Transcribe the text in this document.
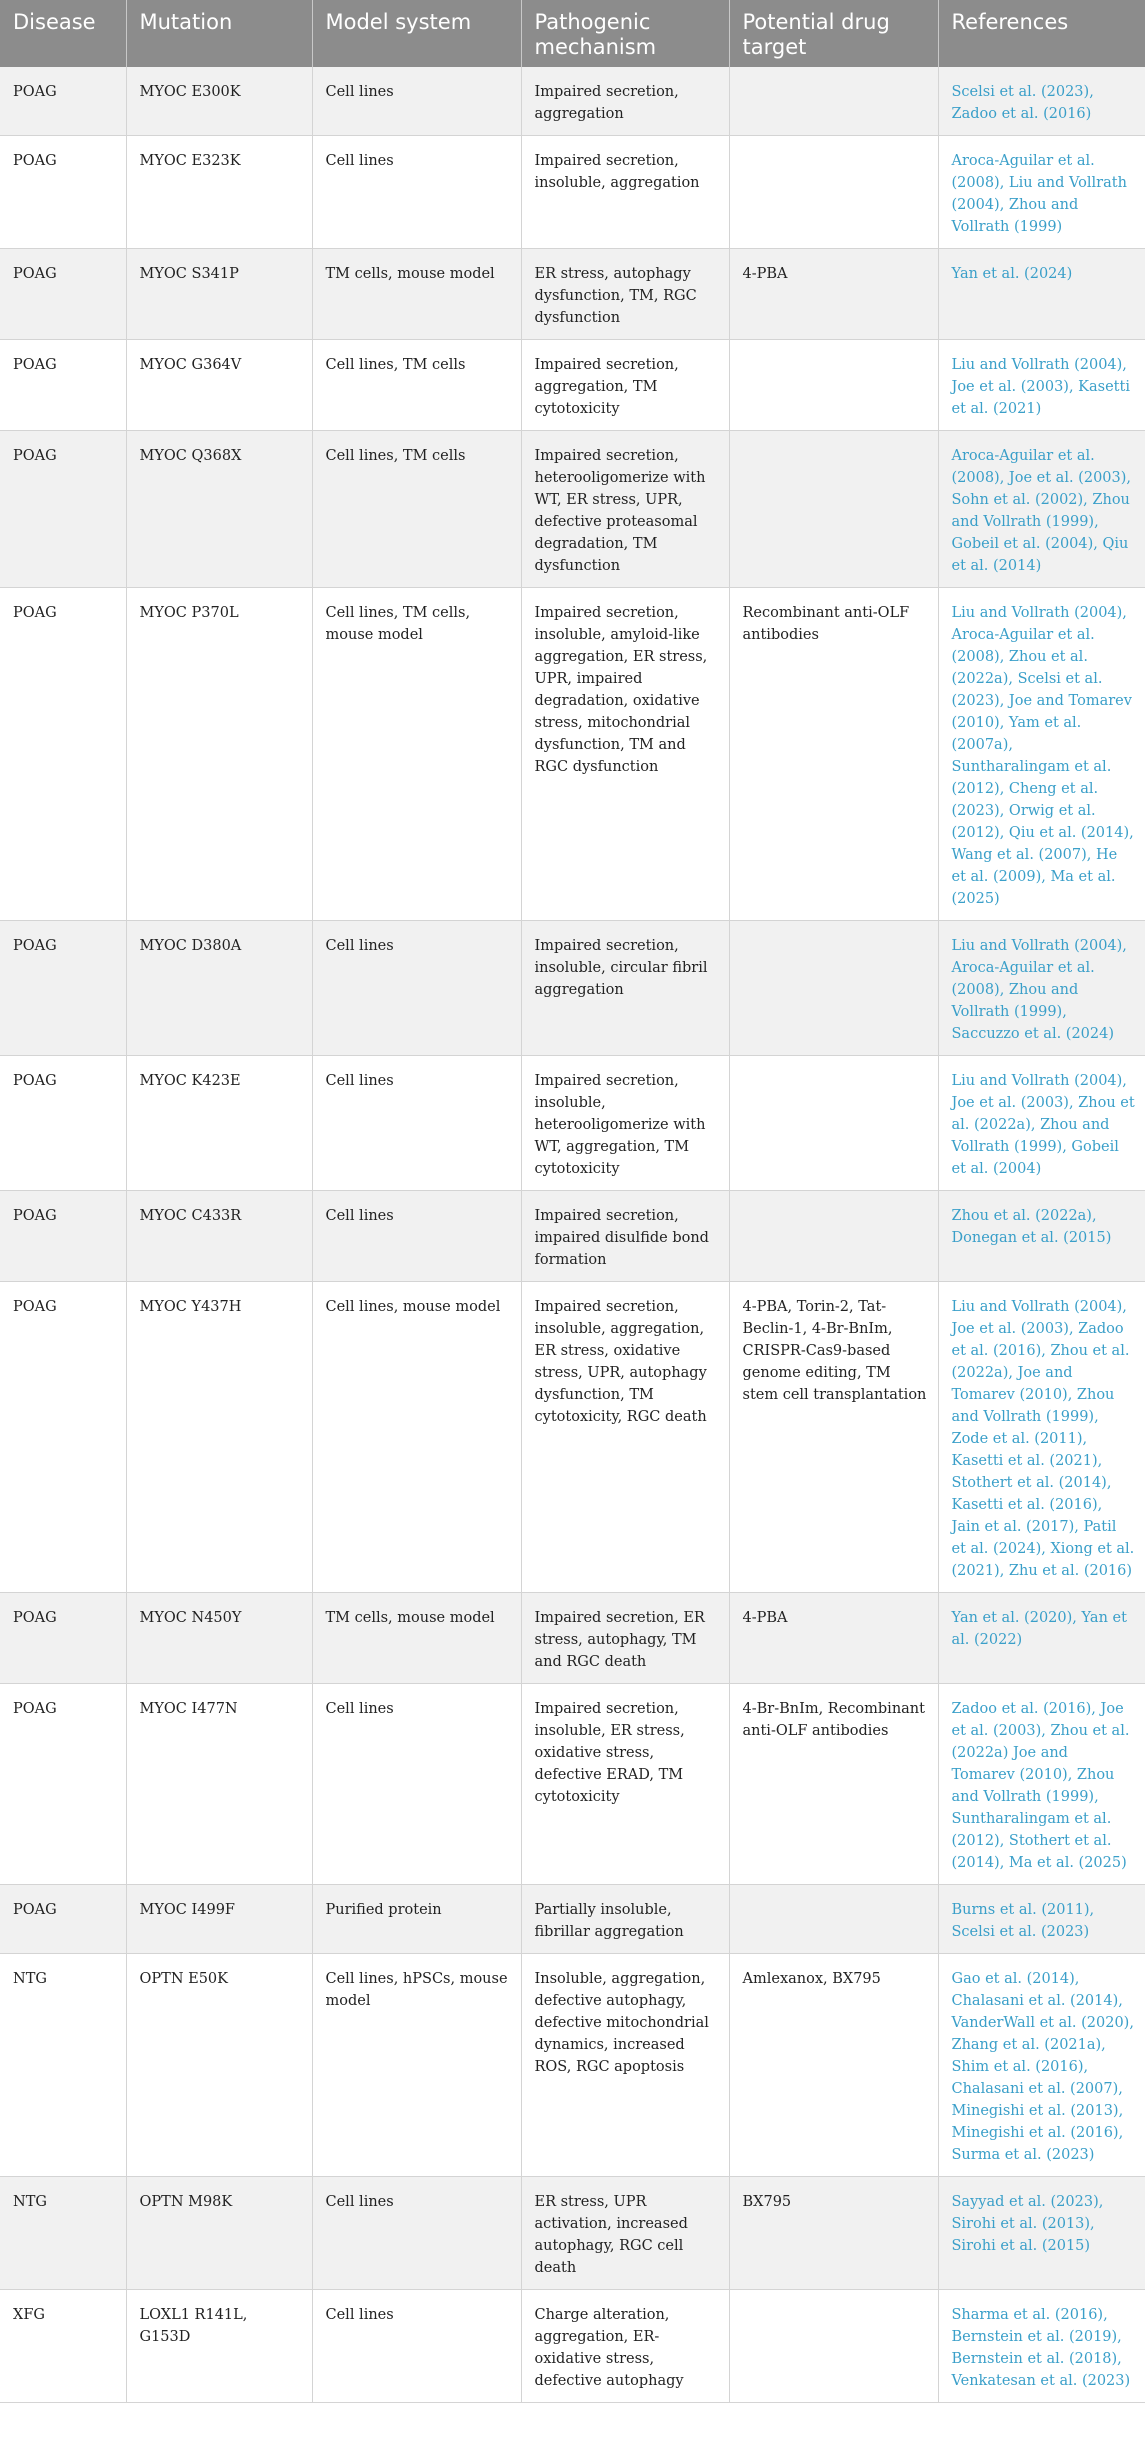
Disease	Mutation	Model system	Pathogenic mechanism	Potential drug target	References
POAG	MYOC E300K	Cell lines	Impaired secretion, aggregation		Scelsi et al. (2023), Zadoo et al. (2016)
POAG	MYOC E323K	Cell lines	Impaired secretion, insoluble, aggregation		Aroca-Aguilar et al. (2008), Liu and Vollrath (2004), Zhou and Vollrath (1999)
POAG	MYOC S341P	TM cells, mouse model	ER stress, autophagy dysfunction, TM, RGC dysfunction	4-PBA	Yan et al. (2024)
POAG	MYOC G364V	Cell lines, TM cells	Impaired secretion, aggregation, TM cytotoxicity		Liu and Vollrath (2004), Joe et al. (2003), Kasetti et al. (2021)
POAG	MYOC Q368X	Cell lines, TM cells	Impaired secretion, heterooligomerize with WT, ER stress, UPR, defective proteasomal degradation, TM dysfunction		Aroca-Aguilar et al. (2008), Joe et al. (2003), Sohn et al. (2002), Zhou and Vollrath (1999), Gobeil et al. (2004), Qiu et al. (2014)
POAG	MYOC P370L	Cell lines, TM cells, mouse model	Impaired secretion, insoluble, amyloid-like aggregation, ER stress, UPR, impaired degradation, oxidative stress, mitochondrial dysfunction, TM and RGC dysfunction	Recombinant anti-OLF antibodies	Liu and Vollrath (2004), Aroca-Aguilar et al. (2008), Zhou et al. (2022a), Scelsi et al. (2023), Joe and Tomarev (2010), Yam et al. (2007a), Suntharalingam et al. (2012), Cheng et al. (2023), Orwig et al. (2012), Qiu et al. (2014), Wang et al. (2007), He et al. (2009), Ma et al. (2025)
POAG	MYOC D380A	Cell lines	Impaired secretion, insoluble, circular fibril aggregation		Liu and Vollrath (2004), Aroca-Aguilar et al. (2008), Zhou and Vollrath (1999), Saccuzzo et al. (2024)
POAG	MYOC K423E	Cell lines	Impaired secretion, insoluble, heterooligomerize with WT, aggregation, TM cytotoxicity		Liu and Vollrath (2004), Joe et al. (2003), Zhou et al. (2022a), Zhou and Vollrath (1999), Gobeil et al. (2004)
POAG	MYOC C433R	Cell lines	Impaired secretion, impaired disulfide bond formation		Zhou et al. (2022a), Donegan et al. (2015)
POAG	MYOC Y437H	Cell lines, mouse model	Impaired secretion, insoluble, aggregation, ER stress, oxidative stress, UPR, autophagy dysfunction, TM cytotoxicity, RGC death	4-PBA, Torin-2, Tat-Beclin-1, 4-Br-BnIm, CRISPR-Cas9-based genome editing, TM stem cell transplantation	Liu and Vollrath (2004), Joe et al. (2003), Zadoo et al. (2016), Zhou et al. (2022a), Joe and Tomarev (2010), Zhou and Vollrath (1999), Zode et al. (2011), Kasetti et al. (2021), Stothert et al. (2014), Kasetti et al. (2016), Jain et al. (2017), Patil et al. (2024), Xiong et al. (2021), Zhu et al. (2016)
POAG	MYOC N450Y	TM cells, mouse model	Impaired secretion, ER stress, autophagy, TM and RGC death	4-PBA	Yan et al. (2020), Yan et al. (2022)
POAG	MYOC I477N	Cell lines	Impaired secretion, insoluble, ER stress, oxidative stress, defective ERAD, TM cytotoxicity	4-Br-BnIm, Recombinant anti-OLF antibodies	Zadoo et al. (2016), Joe et al. (2003), Zhou et al. (2022a) Joe and Tomarev (2010), Zhou and Vollrath (1999), Suntharalingam et al. (2012), Stothert et al. (2014), Ma et al. (2025)
POAG	MYOC I499F	Purified protein	Partially insoluble, fibrillar aggregation		Burns et al. (2011), Scelsi et al. (2023)
NTG	OPTN E50K	Cell lines, hPSCs, mouse model	Insoluble, aggregation, defective autophagy, defective mitochondrial dynamics, increased ROS, RGC apoptosis	Amlexanox, BX795	Gao et al. (2014), Chalasani et al. (2014), VanderWall et al. (2020), Zhang et al. (2021a), Shim et al. (2016), Chalasani et al. (2007), Minegishi et al. (2013), Minegishi et al. (2016), Surma et al. (2023)
NTG	OPTN M98K	Cell lines	ER stress, UPR activation, increased autophagy, RGC cell death	BX795	Sayyad et al. (2023), Sirohi et al. (2013), Sirohi et al. (2015)
XFG	LOXL1 R141L, G153D	Cell lines	Charge alteration, aggregation, ER-oxidative stress, defective autophagy		Sharma et al. (2016), Bernstein et al. (2019), Bernstein et al. (2018), Venkatesan et al. (2023)
